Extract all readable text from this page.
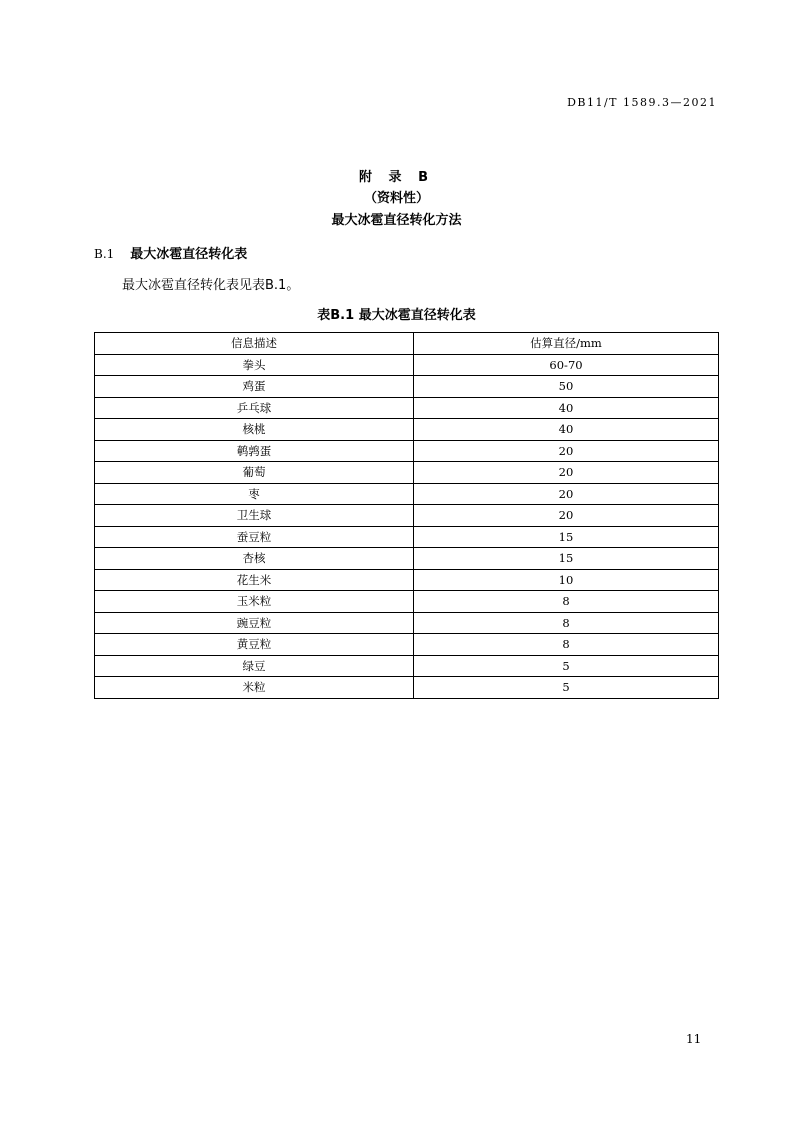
DB11/T 1589.3—2021
附 录 B
（资料性）
最大冰雹直径转化方法
B.1 最大冰雹直径转化表
最大冰雹直径转化表见表B.1。
表B.1 最大冰雹直径转化表
信息描述	估算直径/mm
拳头	60-70
鸡蛋	50
乒乓球	40
核桃	40
鹌鹑蛋	20
葡萄	20
枣	20
卫生球	20
蚕豆粒	15
杏核	15
花生米	10
玉米粒	8
豌豆粒	8
黄豆粒	8
绿豆	5
米粒	5
11
